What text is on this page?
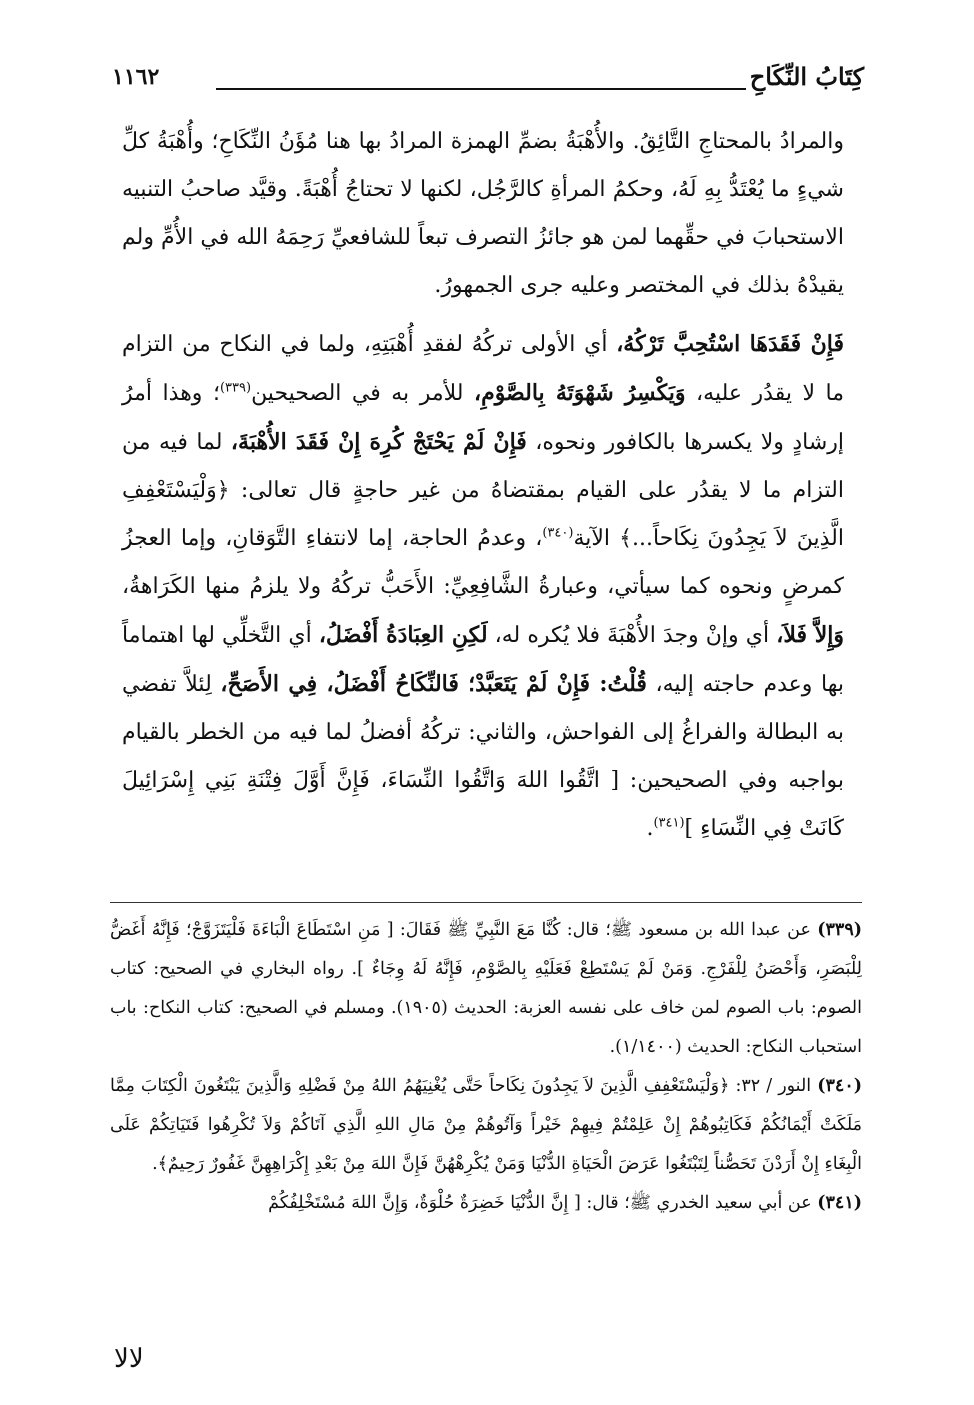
كِتَابُ النِّكَاحِ
١١٦٢

والمرادُ بالمحتاجِ التَّائِقُ. والأُهْبَةُ بضمِّ الهمزة المرادُ بها هنا مُؤَنُ النِّكَاحِ؛ وأُهْبَةُ كلِّ شيءٍ ما يُعْتَدُّ بِهِ لَهُ، وحكمُ المرأةِ كالرَّجُل، لكنها لا تحتاجُ أُهْبَةً. وقيَّد صاحبُ التنبيه الاستحبابَ في حقِّهما لمن هو جائزُ التصرف تبعاً للشافعيِّ رَحِمَهُ الله في الأُمِّ ولم يقيدْهُ بذلك في المختصر وعليه جرى الجمهورُ.

فَإِنْ فَقَدَهَا اسْتُحِبَّ تَرْكُهُ، أي الأولى تركُهُ لفقدِ أُهْبَتِهِ، ولما في النكاح من التزام ما لا يقدُر عليه، وَيَكْسِرُ شَهْوَتَهُ بِالصَّوْمِ، للأمر به في الصحيحين$^{(٣٣٩)}$؛ وهذا أمرُ إرشادٍ ولا يكسرها بالكافور ونحوه، فَإِنْ لَمْ يَحْتَجْ كُرِهَ إِنْ فَقَدَ الأُهْبَةَ، لما فيه من التزام ما لا يقدُر على القيام بمقتضاهُ من غير حاجةٍ قال تعالى: ﴿وَلْيَسْتَعْفِفِ الَّذِينَ لاَ يَجِدُونَ نِكَاحاً...﴾ الآية$^{(٣٤٠)}$، وعدمُ الحاجة، إما لانتفاءِ التَّوَقانِ، وإما العجزُ كمرضٍ ونحوه كما سيأتي، وعبارةُ الشَّافِعِيِّ: الأَحَبُّ تركُهُ ولا يلزمُ منها الكَرَاهةُ، وَإِلاَّ فَلاَ، أي وإنْ وجدَ الأُهْبَةَ فلا يُكره له، لَكِنِ العِبَادَةُ أَفْضَلُ، أي التَّخلِّي لها اهتماماً بها وعدم حاجته إليه، قُلْتُ: فَإِنْ لَمْ يَتَعَبَّدْ؛ فَالنِّكَاحُ أَفْضَلُ، فِي الأَصَحِّ، لِئلاَّ تفضي به البطالة والفراغُ إلى الفواحش، والثاني: تركُهُ أفضلُ لما فيه من الخطر بالقيام بواجبه وفي الصحيحين: [ اتَّقُوا اللهَ وَاتَّقُوا النِّسَاءَ، فَإِنَّ أَوَّلَ فِتْنَةِ بَنِي إِسْرَائِيلَ كَانَتْ فِي النِّسَاءِ ]$^{(٣٤١)}$.

(٣٣٩) عن عبدا الله بن مسعود ﷺ؛ قال: كُنَّا مَعَ النَّبِيِّ ﷺ فَقَالَ: [ مَنِ اسْتَطَاعَ الْبَاءَةَ فَلْيَتَزَوَّجْ؛ فَإِنَّهُ أَغَضُّ لِلْبَصَرِ، وَأَحْصَنُ لِلْفَرْجِ. وَمَنْ لَمْ يَسْتَطِعْ فَعَلَيْهِ بِالصَّوْمِ، فَإِنَّهُ لَهُ وِجَاءٌ ]. رواه البخاري في الصحيح: كتاب الصوم: باب الصوم لمن خاف على نفسه العزبة: الحديث (١٩٠٥). ومسلم في الصحيح: كتاب النكاح: باب استحباب النكاح: الحديث (١/١٤٠٠).

(٣٤٠) النور / ٣٢: ﴿وَلْيَسْتَعْفِفِ الَّذِينَ لاَ يَجِدُونَ نِكَاحاً حَتَّى يُغْنِيَهُمُ اللهُ مِنْ فَضْلِهِ وَالَّذِينَ يَبْتَغُونَ الْكِتَابَ مِمَّا مَلَكَتْ أَيْمَانُكُمْ فَكَاتِبُوهُمْ إِنْ عَلِمْتُمْ فِيهِمْ خَيْراً وَآتُوهُمْ مِنْ مَالِ اللهِ الَّذِي آتَاكُمْ وَلاَ تُكْرِهُوا فَتَيَاتِكُمْ عَلَى الْبِغَاءِ إِنْ أَرَدْنَ تَحَصُّناً لِتَبْتَغُوا عَرَضَ الْحَيَاةِ الدُّنْيَا وَمَنْ يُكْرِهْهُنَّ فَإِنَّ اللهَ مِنْ بَعْدِ إِكْرَاهِهِنَّ غَفُورٌ رَحِيمٌ﴾.

(٣٤١) عن أبي سعيد الخدري ﷺ؛ قال: [ إِنَّ الدُّنْيَا خَضِرَةٌ حُلْوَةٌ، وَإِنَّ اللهَ مُسْتَخْلِفُكُمْ

ﻻﻻ
